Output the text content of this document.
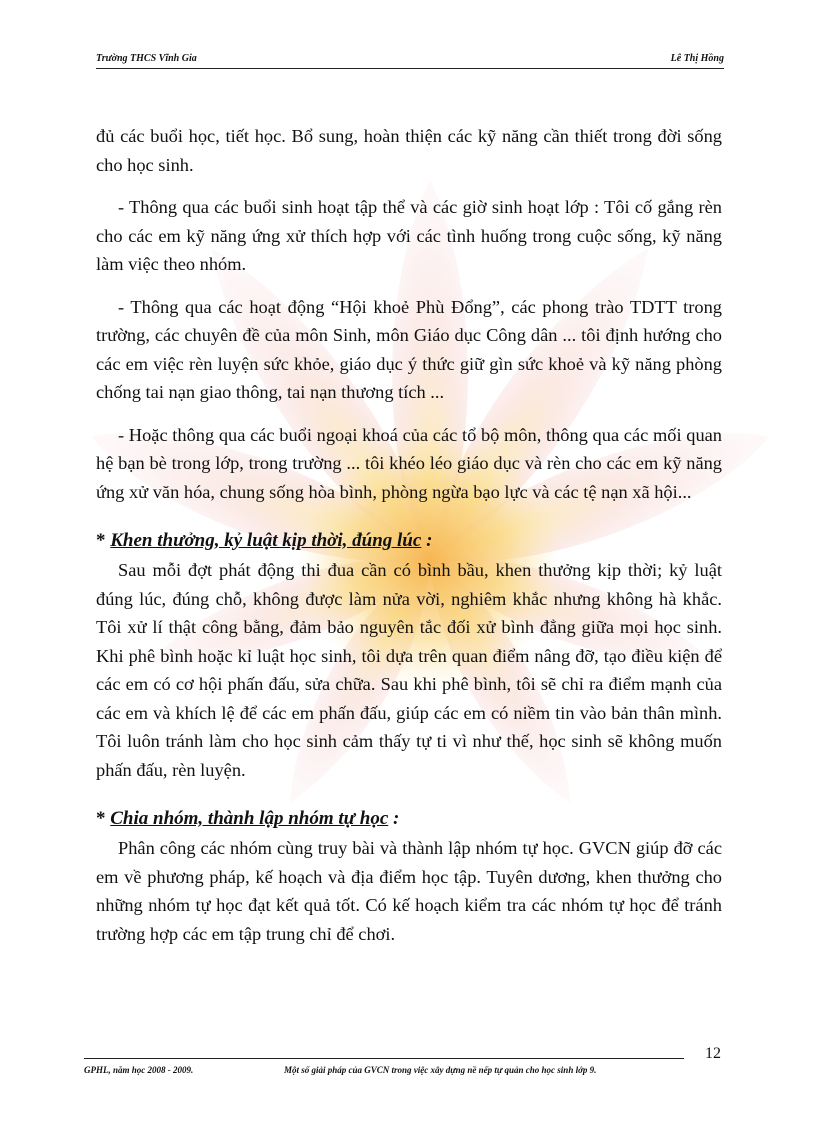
Trường THCS Vĩnh Gia	Lê Thị Hồng

đủ các buổi học, tiết học. Bổ sung, hoàn thiện các kỹ năng cần thiết trong đời sống cho học sinh.

- Thông qua các buổi sinh hoạt tập thể và các giờ sinh hoạt lớp : Tôi cố gắng rèn cho các em kỹ năng ứng xử thích hợp với các tình huống trong cuộc sống, kỹ năng làm việc theo nhóm.

- Thông qua các hoạt động “Hội khoẻ Phù Đổng”, các phong trào TDTT trong trường, các chuyên đề của môn Sinh, môn Giáo dục Công dân ... tôi định hướng cho các em việc rèn luyện sức khỏe, giáo dục ý thức giữ gìn sức khoẻ và kỹ năng phòng chống tai nạn giao thông, tai nạn thương tích ...

- Hoặc thông qua các buổi ngoại khoá của các tổ bộ môn, thông qua các mối quan hệ bạn bè trong lớp, trong trường ... tôi khéo léo giáo dục và rèn cho các em kỹ năng ứng xử văn hóa, chung sống hòa bình, phòng ngừa bạo lực và các tệ nạn xã hội...

* Khen thưởng, kỷ luật kịp thời, đúng lúc :

Sau mỗi đợt phát động thi đua cần có bình bầu, khen thưởng kịp thời; kỷ luật đúng lúc, đúng chỗ, không được làm nửa vời, nghiêm khắc nhưng không hà khắc. Tôi xử lí thật công bằng, đảm bảo nguyên tắc đối xử bình đẳng giữa mọi học sinh. Khi phê bình hoặc kỉ luật học sinh, tôi dựa trên quan điểm nâng đỡ, tạo điều kiện để các em có cơ hội phấn đấu, sửa chữa. Sau khi phê bình, tôi sẽ chỉ ra điểm mạnh của các em và khích lệ để các em phấn đấu, giúp các em có niềm tin vào bản thân mình. Tôi luôn tránh làm cho học sinh cảm thấy tự ti vì như thế, học sinh sẽ không muốn phấn đấu, rèn luyện.

* Chia nhóm, thành lập nhóm tự học :

Phân công các nhóm cùng truy bài và thành lập nhóm tự học. GVCN giúp đỡ các em về phương pháp, kế hoạch và địa điểm học tập. Tuyên dương, khen thưởng cho những nhóm tự học đạt kết quả tốt. Có kế hoạch kiểm tra các nhóm tự học để tránh trường hợp các em tập trung chỉ để chơi.

12
GPHL, năm học 2008 - 2009.	Một số giải pháp của GVCN trong việc xây dựng nề nếp tự quản cho học sinh lớp 9.
